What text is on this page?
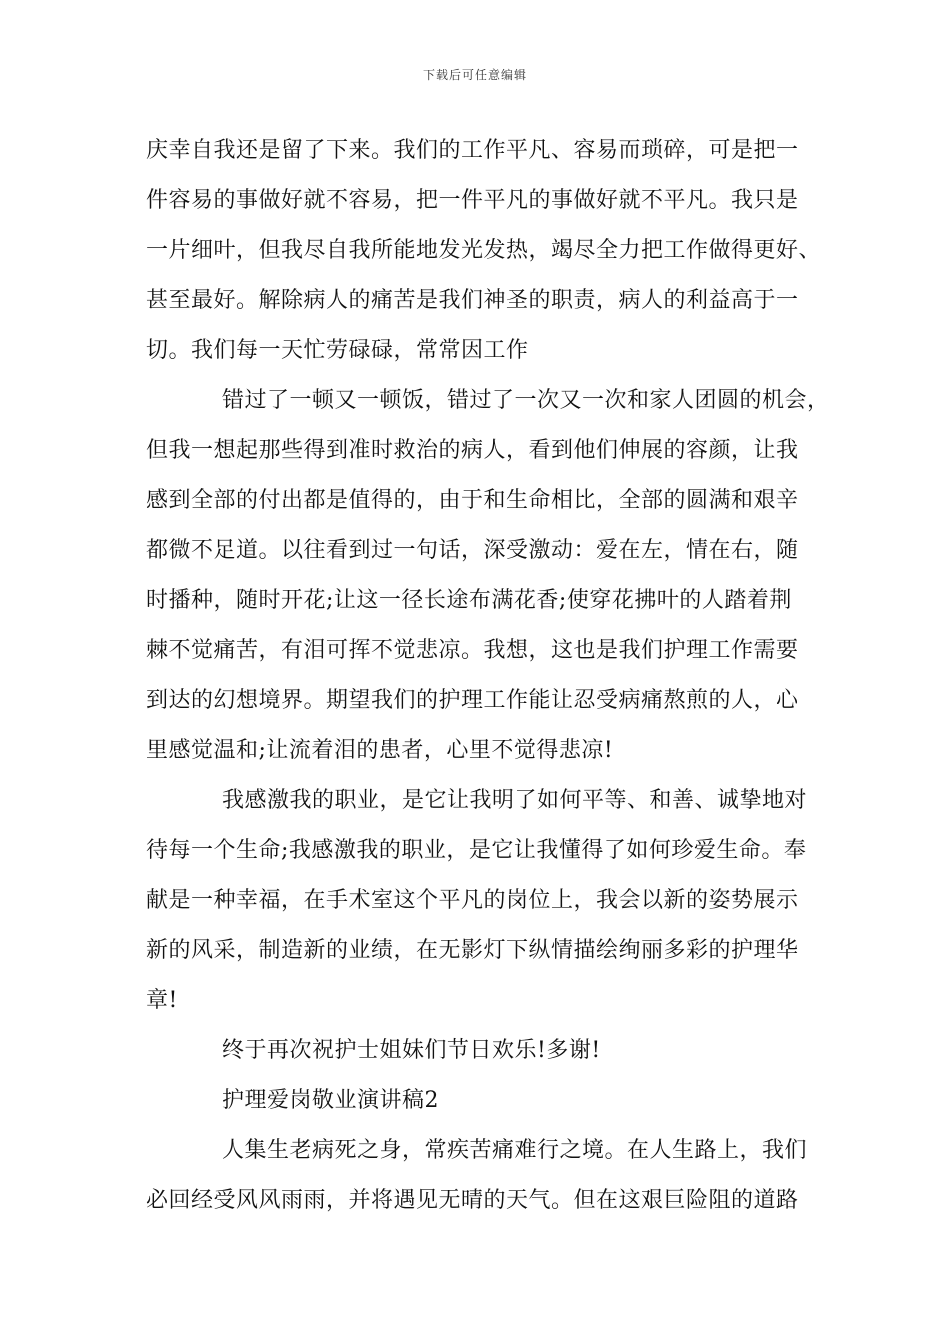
下载后可任意编辑
庆幸自我还是留了下来。我们的工作平凡、容易而琐碎，可是把一
件容易的事做好就不容易，把一件平凡的事做好就不平凡。我只是
一片细叶，但我尽自我所能地发光发热，竭尽全力把工作做得更好、
甚至最好。解除病人的痛苦是我们神圣的职责，病人的利益高于一
切。我们每一天忙劳碌碌，常常因工作
错过了一顿又一顿饭，错过了一次又一次和家人团圆的机会，
但我一想起那些得到准时救治的病人，看到他们伸展的容颜，让我
感到全部的付出都是值得的，由于和生命相比，全部的圆满和艰辛
都微不足道。以往看到过一句话，深受激动：爱在左，情在右，随
时播种，随时开花;让这一径长途布满花香;使穿花拂叶的人踏着荆
棘不觉痛苦，有泪可挥不觉悲凉。我想，这也是我们护理工作需要
到达的幻想境界。期望我们的护理工作能让忍受病痛熬煎的人，心
里感觉温和;让流着泪的患者，心里不觉得悲凉!
我感激我的职业，是它让我明了如何平等、和善、诚挚地对
待每一个生命;我感激我的职业，是它让我懂得了如何珍爱生命。奉
献是一种幸福，在手术室这个平凡的岗位上，我会以新的姿势展示
新的风采，制造新的业绩，在无影灯下纵情描绘绚丽多彩的护理华
章!
终于再次祝护士姐妹们节日欢乐!多谢!
护理爱岗敬业演讲稿2
人集生老病死之身，常疾苦痛难行之境。在人生路上，我们
必回经受风风雨雨，并将遇见无晴的天气。但在这艰巨险阻的道路
